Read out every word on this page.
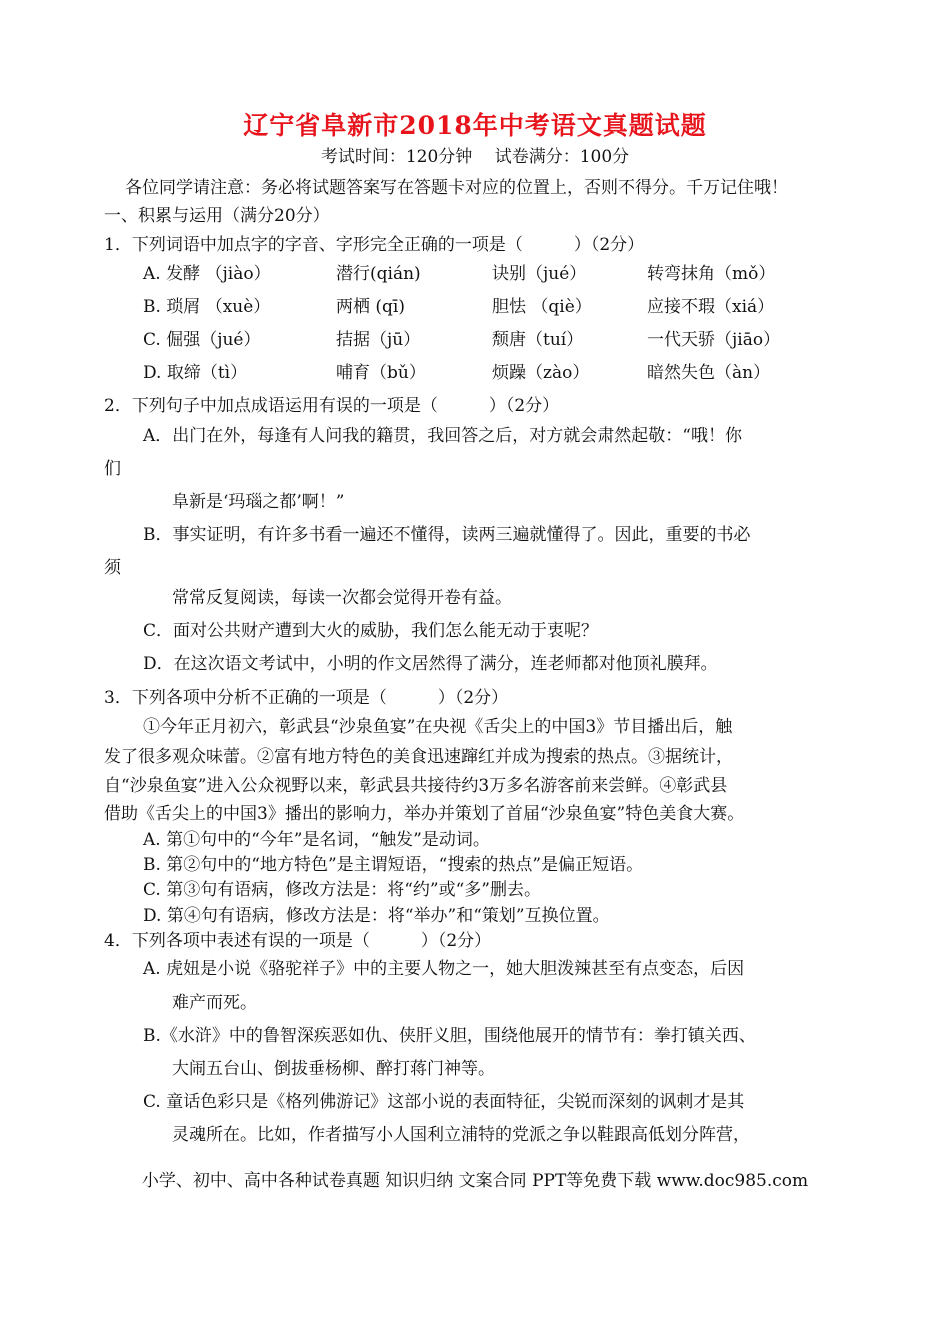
辽宁省阜新市2018年中考语文真题试题
考试时间：120分钟　 试卷满分：100分
各位同学请注意：务必将试题答案写在答题卡对应的位置上，否则不得分。千万记住哦！
一、积累与运用（满分20分）
1．下列词语中加点字的字音、字形完全正确的一项是（　　　）（2分）
A. 发酵 （jiào）	潜行(qián)	诀别（jué）	转弯抹角（mǒ）
B. 琐屑 （xuè）	两栖 (qī)	胆怯 （qiè）	应接不瑕（xiá）
C. 倔强（jué）	拮据（jū）	颓唐（tuí）	一代天骄（jiāo）
D. 取缔（tì）	哺育（bǔ）	烦躁（zào）	暗然失色（àn）
2．下列句子中加点成语运用有误的一项是（　　　）（2分）
A．出门在外，每逢有人问我的籍贯，我回答之后，对方就会肃然起敬：“哦！你
们
阜新是‘玛瑙之都’啊！”
B．事实证明，有许多书看一遍还不懂得，读两三遍就懂得了。因此，重要的书必
须
常常反复阅读，每读一次都会觉得开卷有益。
C．面对公共财产遭到大火的威胁，我们怎么能无动于衷呢？
D．在这次语文考试中，小明的作文居然得了满分，连老师都对他顶礼膜拜。
3．下列各项中分析不正确的一项是（　　　）（2分）
①今年正月初六，彰武县“沙泉鱼宴”在央视《舌尖上的中国3》节目播出后，触
发了很多观众味蕾。②富有地方特色的美食迅速蹿红并成为搜索的热点。③据统计，
自“沙泉鱼宴”进入公众视野以来，彰武县共接待约3万多名游客前来尝鲜。④彰武县
借助《舌尖上的中国3》播出的影响力，举办并策划了首届“沙泉鱼宴”特色美食大赛。
A. 第①句中的“今年”是名词，“触发”是动词。
B. 第②句中的“地方特色”是主谓短语，“搜索的热点”是偏正短语。
C. 第③句有语病，修改方法是：将“约”或“多”删去。
D. 第④句有语病，修改方法是：将“举办”和“策划”互换位置。
4．下列各项中表述有误的一项是（　　　）（2分）
A. 虎妞是小说《骆驼祥子》中的主要人物之一，她大胆泼辣甚至有点变态，后因
难产而死。
B.《水浒》中的鲁智深疾恶如仇、侠肝义胆，围绕他展开的情节有：拳打镇关西、
大闹五台山、倒拔垂杨柳、醉打蒋门神等。
C. 童话色彩只是《格列佛游记》这部小说的表面特征，尖锐而深刻的讽刺才是其
灵魂所在。比如，作者描写小人国利立浦特的党派之争以鞋跟高低划分阵营，
小学、初中、高中各种试卷真题 知识归纳 文案合同 PPT等免费下载 www.doc985.com
